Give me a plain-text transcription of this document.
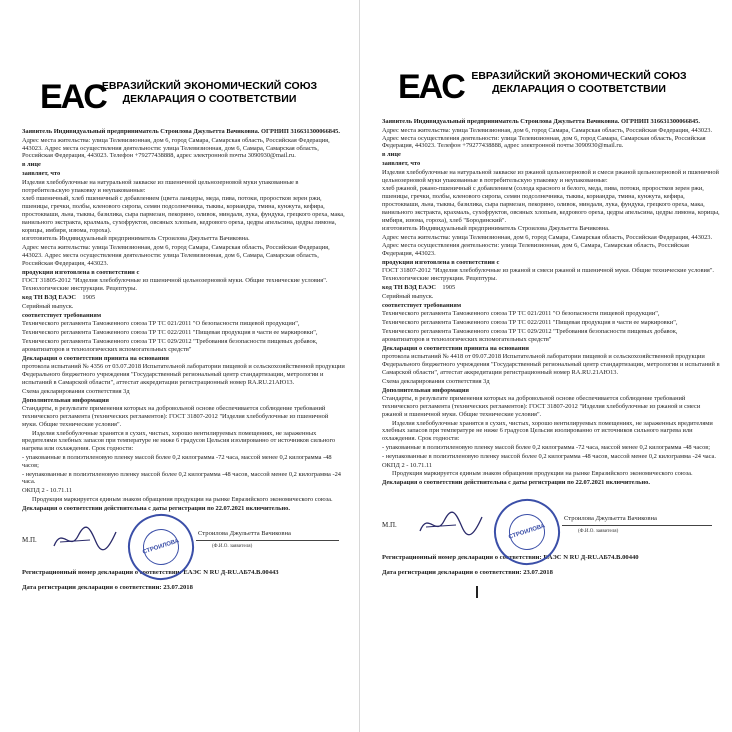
EAC
ЕВРАЗИЙСКИЙ ЭКОНОМИЧЕСКИЙ СОЮЗ
ДЕКЛАРАЦИЯ О СООТВЕТСТВИИ

Заявитель Индивидуальный предприниматель Строилова Джульетта Вачиковна. ОГРНИП 316631300066845.

Адрес места жительства: улица Телевизионная, дом 6, город Самара, Самарская область, Российская Федерация, 443023. Адрес места осуществления деятельности: улица Телевизионная, дом 6, Самара, Самарская область, Российская Федерация, 443023. Телефон +79277438888, адрес электронной почты 3090930@mail.ru.

в лице

заявляет, что

Изделия хлебобулочные на натуральной закваске из пшеничной цельнозерновой муки упакованные в потребительскую упаковку и неупакованные:

хлеб пшеничный, хлеб пшеничный с добавлением (цвета ланцеры, меда, пива, потоки, проростков зерен ржи, пшеницы, гречки, полбы, кленового сиропа, семян подсолнечника, тыквы, кориандра, тмина, кунжута, кефира, простокваши, льна, тыквы, базилика, сыра пармезан, пекорино, оливок, миндаля, лука, фундука, грецкого ореха, мака, ванильного экстракта, кралмаль, сухофруктов, овсяных хлопьев, кедрового ореха, цедры апельсина, цедры лимона, корицы, имбиря, изюма, гороха).

изготовитель Индивидуальный предприниматель Строилова Джульетта Вачиковна.

Адрес места жительства: улица Телевизионная, дом 6, город Самара, Самарская область, Российская Федерация, 443023. Адрес места осуществления деятельности: улица Телевизионная, дом 6, Самара, Самарская область, Российская Федерация, 443023.

продукция изготовлена в соответствии с

ГОСТ 31805-2012 "Изделия хлебобулочные из пшеничной цельнозерновой муки. Общие технические условия". Технологические инструкции. Рецептуры.

код ТН ВЭД ЕАЭС 1905

Серийный выпуск.

соответствует требованиям

Технического регламента Таможенного союза ТР ТС 021/2011 "О безопасности пищевой продукции",

Технического регламента Таможенного союза ТР ТС 022/2011 "Пищевая продукция в части ее маркировки",

Технического регламента Таможенного союза ТР ТС 029/2012 "Требования безопасности пищевых добавок, ароматизаторов и технологических вспомогательных средств"

Декларация о соответствии принята на основании

протокола испытаний № 4356 от 03.07.2018 Испытательной лаборатории пищевой и сельскохозяйственной продукции Федерального бюджетного учреждения "Государственный региональный центр стандартизации, метрологии и испытаний в Самарской области", аттестат аккредитации регистрационный номер RA.RU.21АЮ13.

Схема декларирования соответствия 3д

Дополнительная информация

Стандарты, в результате применения которых на добровольной основе обеспечивается соблюдение требований технического регламента (технических регламентов): ГОСТ 31807-2012 "Изделия хлебобулочные из пшеничной муки. Общие технические условия".

Изделия хлебобулочные хранятся в сухих, чистых, хорошо вентилируемых помещениях, не зараженных вредителями хлебных запасов при температуре не ниже 6 градусов Цельсия изолированно от источников сильного нагрева или охлаждения. Срок годности:

- упакованные в полиэтиленовую пленку массой более 0,2 килограмма -72 часа, массой менее 0,2 килограмма -48 часов;

- неупакованные в полиэтиленовую пленку массой более 0,2 килограмма -48 часов, массой менее 0,2 килограмма -24 часа.

ОКПД 2 - 10.71.11

Продукция маркируется единым знаком обращения продукции на рынке Евразийского экономического союза.

Декларация о соответствии действительна с даты регистрации по 22.07.2021 включительно.

М.П.	СТРОИЛОВА
Строилова Джульетта Вачиковна
(Ф.И.О. заявителя)
Регистрационный номер декларации о соответствии: ЕАЭС N RU Д-RU.АБ74.В.00443
Дата регистрации декларации о соответствии: 23.07.2018
EAC ЕВРАЗИЙСКИЙ ЭКОНОМИЧЕСКИЙ СОЮЗ
ДЕКЛАРАЦИЯ О СООТВЕТСТВИИ

Заявитель Индивидуальный предприниматель Строилова Джульетта Вачиковна. ОГРНИП 316631300066845.

Адрес места жительства: улица Телевизионная, дом 6, город Самара, Самарская область, Российская Федерация, 443023. Адрес места осуществления деятельности: улица Телевизионная, дом 6, город Самара, Самарская область, Российская Федерация, 443023. Телефон +79277438888, адрес электронной почты 3090930@mail.ru.

в лице

заявляет, что

Изделия хлебобулочные на натуральной закваске из ржаной цельнозерновой и смеси ржаной цельнозерновой и пшеничной цельнозерновой муки упакованные в потребительскую упаковку и неупакованные:

хлеб ржаной, ржано-пшеничный с добавлением (солода красного и белого, меда, пива, потоки, проростков зерен ржи, пшеницы, гречки, полбы, кленового сиропа, семян подсолнечника, тыквы, кориандра, тмина, кунжута, кефира, простокваши, льна, тыквы, базилика, сыра пармезан, пекорино, оливок, миндаля, лука, фундука, грецкого ореха, мака, ванильного экстракта, крахмаль, сухофруктов, овсяных хлопьев, кедрового ореха, цедры апельсина, цедры лимона, корицы, имбиря, изюма, гороха), хлеб "Бородинский".

изготовитель Индивидуальный предприниматель Строилова Джульетта Вачиковна.

Адрес места жительства: улица Телевизионная, дом 6, город Самара, Самарская область, Российская Федерация, 443023. Адрес места осуществления деятельности: улица Телевизионная, дом 6, Самара, Самарская область, Российская Федерация, 443023.

продукция изготовлена в соответствии с

ГОСТ 31807-2012 "Изделия хлебобулочные из ржаной и смеси ржаной и пшеничной муки. Общие технические условия". Технологические инструкции. Рецептуры.

код ТН ВЭД ЕАЭС 1905

Серийный выпуск.

соответствует требованиям

Технического регламента Таможенного союза ТР ТС 021/2011 "О безопасности пищевой продукции",

Технического регламента Таможенного союза ТР ТС 022/2011 "Пищевая продукция в части ее маркировки",

Технического регламента Таможенного союза ТР ТС 029/2012 "Требования безопасности пищевых добавок, ароматизаторов и технологических вспомогательных средств"

Декларация о соответствии принята на основании

протокола испытаний № 4418 от 09.07.2018 Испытательной лаборатории пищевой и сельскохозяйственной продукции Федерального бюджетного учреждения "Государственный региональный центр стандартизации, метрологии и испытаний в Самарской области", аттестат аккредитации регистрационный номер RA.RU.21АЮ13.

Схема декларирования соответствия 3д

Дополнительная информация

Стандарты, в результате применения которых на добровольной основе обеспечивается соблюдение требований технического регламента (технических регламентов): ГОСТ 31807-2012 "Изделия хлебобулочные из ржаной и смеси ржаной и пшеничной муки. Общие технические условия".

Изделия хлебобулочные хранятся в сухих, чистых, хорошо вентилируемых помещениях, не зараженных вредителями хлебных запасов при температуре не ниже 6 градусов Цельсия изолированно от источников сильного нагрева или охлаждения. Срок годности:

- упакованные в полиэтиленовую пленку массой более 0,2 килограмма -72 часа, массой менее 0,2 килограмма -48 часов;

- неупакованные в полиэтиленовую пленку массой более 0,2 килограмма -48 часов, массой менее 0,2 килограмма -24 часа.

ОКПД 2 - 10.71.11

Продукция маркируется единым знаком обращения продукции на рынке Евразийского экономического союза.

Декларация о соответствии действительна с даты регистрации по 22.07.2021 включительно.

М.П.	СТРОИЛОВА
Строилова Джульетта Вачиковна
(Ф.И.О. заявителя)
Регистрационный номер декларации о соответствии: ЕАЭС N RU Д-RU.АБ74.В.00440
Дата регистрации декларации о соответствии: 23.07.2018
